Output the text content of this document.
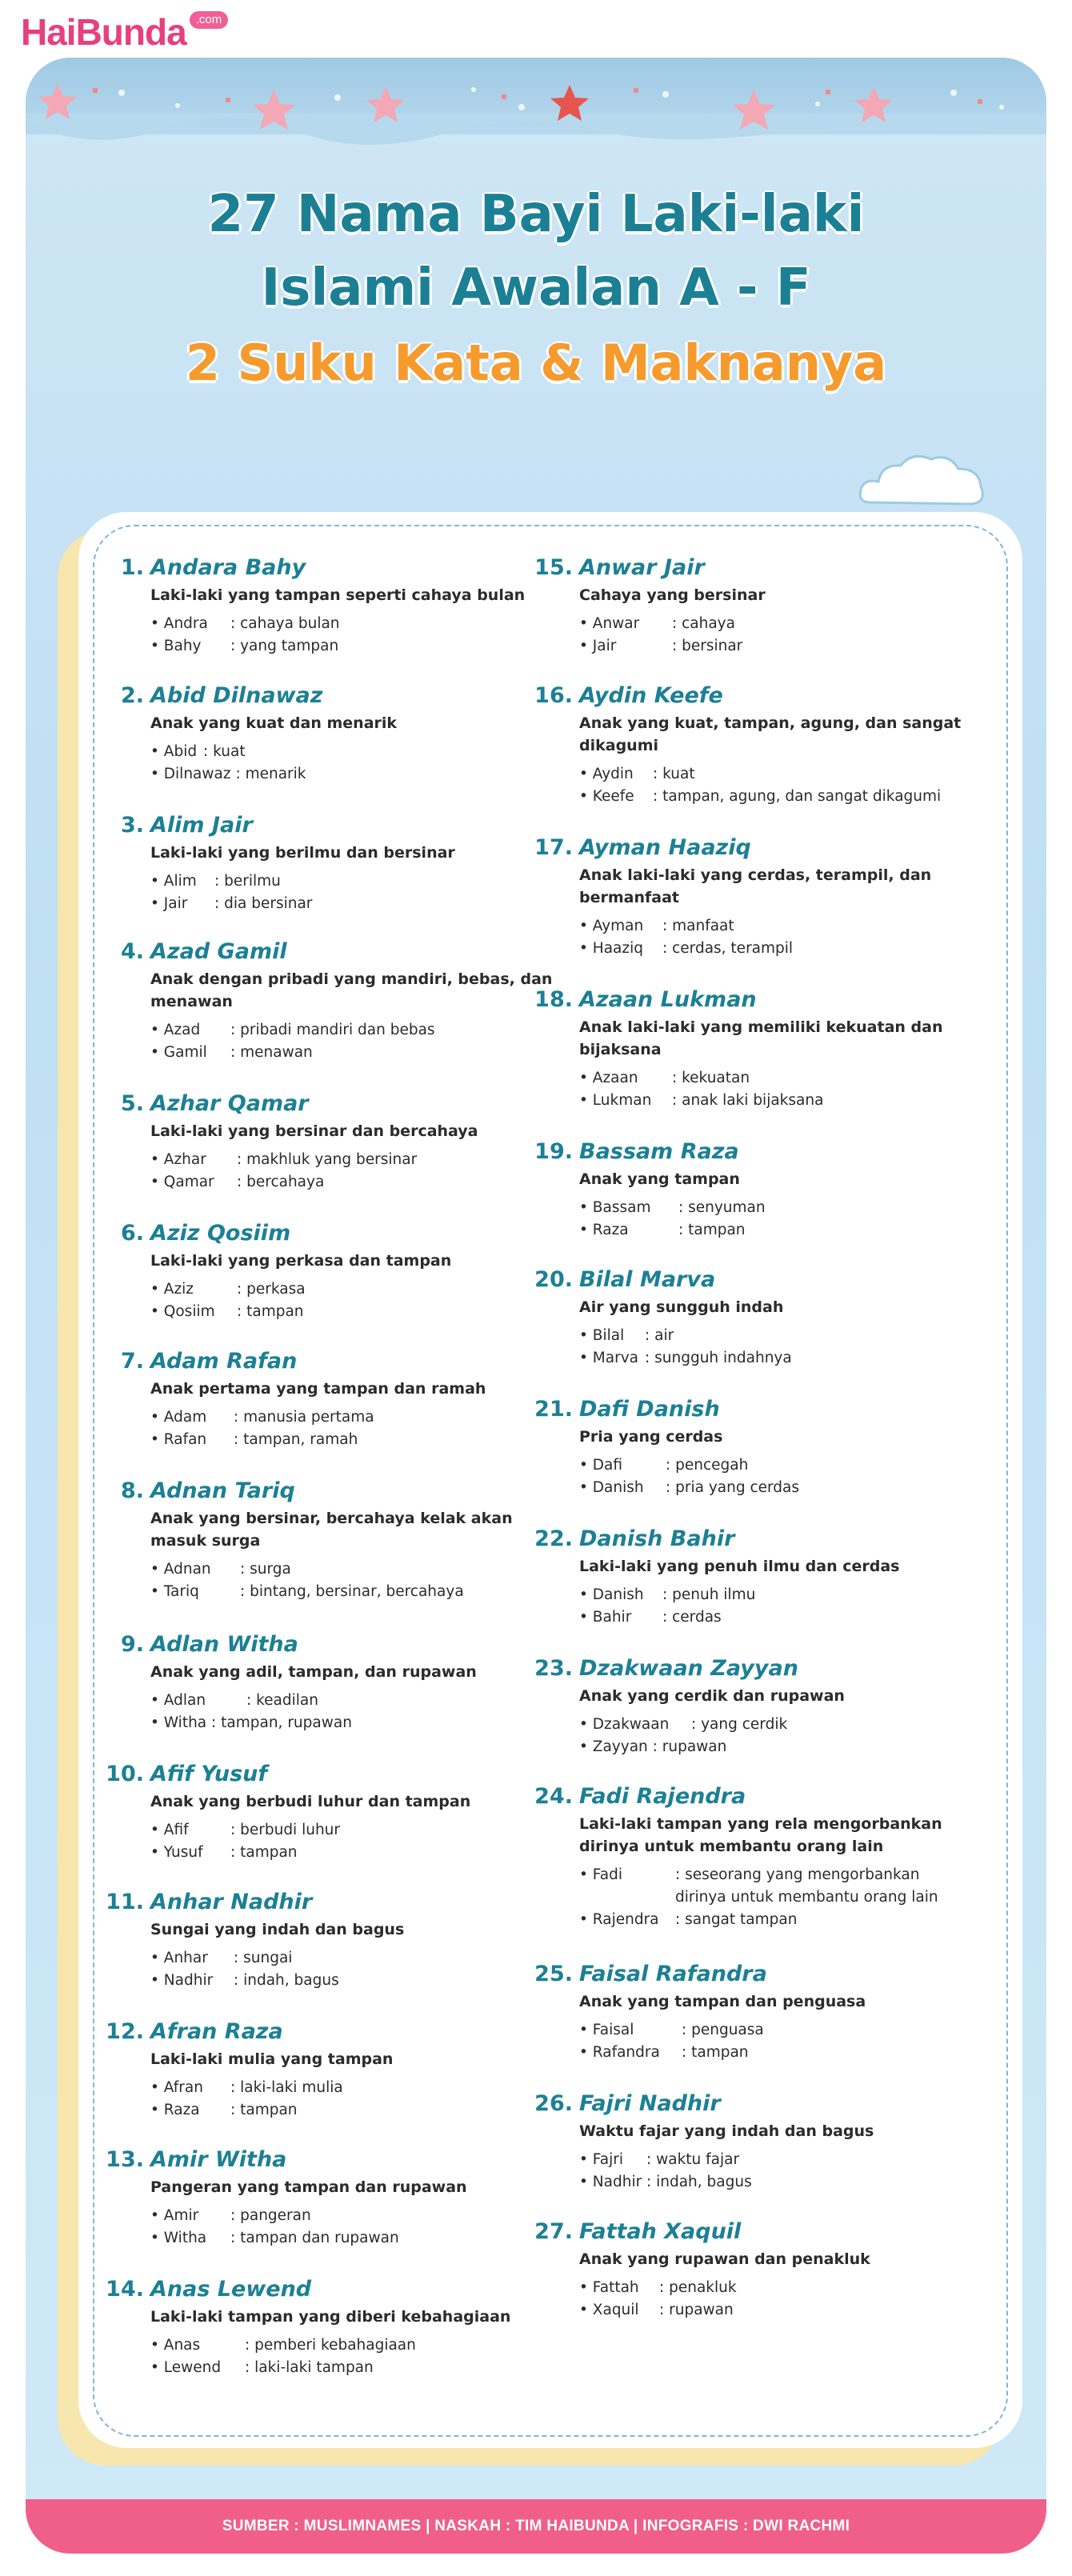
HaiBunda .com
27 Nama Bayi Laki-laki
Islami Awalan A - F
2 Suku Kata & Maknanya
1. Andara Bahy
Laki-laki yang tampan seperti cahaya bulan
• Andra	: cahaya bulan
• Bahy	: yang tampan
2. Abid Dilnawaz
Anak yang kuat dan menarik
• Abid : kuat
• Dilnawaz : menarik
3. Alim Jair
Laki-laki yang berilmu dan bersinar
• Alim	: berilmu
• Jair	: dia bersinar
4. Azad Gamil
Anak dengan pribadi yang mandiri, bebas, dan menawan
• Azad	: pribadi mandiri dan bebas
• Gamil	: menawan
5. Azhar Qamar
Laki-laki yang bersinar dan bercahaya
• Azhar	: makhluk yang bersinar
• Qamar	: bercahaya
6. Aziz Qosiim
Laki-laki yang perkasa dan tampan
• Aziz	: perkasa
• Qosiim	: tampan
7. Adam Rafan
Anak pertama yang tampan dan ramah
• Adam	: manusia pertama
• Rafan	: tampan, ramah
8. Adnan Tariq
Anak yang bersinar, bercahaya kelak akan masuk surga
• Adnan	: surga
• Tariq	: bintang, bersinar, bercahaya
9. Adlan Witha
Anak yang adil, tampan, dan rupawan
• Adlan	: keadilan
• Witha : tampan, rupawan
10. Afif Yusuf
Anak yang berbudi luhur dan tampan
• Afif	: berbudi luhur
• Yusuf	: tampan
11. Anhar Nadhir
Sungai yang indah dan bagus
• Anhar	: sungai
• Nadhir	: indah, bagus
12. Afran Raza
Laki-laki mulia yang tampan
• Afran	: laki-laki mulia
• Raza	: tampan
13. Amir Witha
Pangeran yang tampan dan rupawan
• Amir	: pangeran
• Witha	: tampan dan rupawan
14. Anas Lewend
Laki-laki tampan yang diberi kebahagiaan
• Anas	: pemberi kebahagiaan
• Lewend	: laki-laki tampan
15. Anwar Jair
Cahaya yang bersinar
• Anwar	: cahaya
• Jair	: bersinar
16. Aydin Keefe
Anak yang kuat, tampan, agung, dan sangat dikagumi
• Aydin	: kuat
• Keefe	: tampan, agung, dan sangat dikagumi
17. Ayman Haaziq
Anak laki-laki yang cerdas, terampil, dan bermanfaat
• Ayman	: manfaat
• Haaziq	: cerdas, terampil
18. Azaan Lukman
Anak laki-laki yang memiliki kekuatan dan bijaksana
• Azaan	: kekuatan
• Lukman	: anak laki bijaksana
19. Bassam Raza
Anak yang tampan
• Bassam	: senyuman
• Raza	: tampan
20. Bilal Marva
Air yang sungguh indah
• Bilal	: air
• Marva : sungguh indahnya
21. Dafi Danish
Pria yang cerdas
• Dafi	: pencegah
• Danish	: pria yang cerdas
22. Danish Bahir
Laki-laki yang penuh ilmu dan cerdas
• Danish	: penuh ilmu
• Bahir	: cerdas
23. Dzakwaan Zayyan
Anak yang cerdik dan rupawan
• Dzakwaan	: yang cerdik
• Zayyan : rupawan
24. Fadi Rajendra
Laki-laki tampan yang rela mengorbankan dirinya untuk membantu orang lain
• Fadi	: seseorang yang mengorbankan dirinya untuk membantu orang lain
• Rajendra	: sangat tampan
25. Faisal Rafandra
Anak yang tampan dan penguasa
• Faisal	: penguasa
• Rafandra	: tampan
26. Fajri Nadhir
Waktu fajar yang indah dan bagus
• Fajri	: waktu fajar
• Nadhir : indah, bagus
27. Fattah Xaquil
Anak yang rupawan dan penakluk
• Fattah	: penakluk
• Xaquil	: rupawan
SUMBER : MUSLIMNAMES | NASKAH : TIM HAIBUNDA | INFOGRAFIS : DWI RACHMI
